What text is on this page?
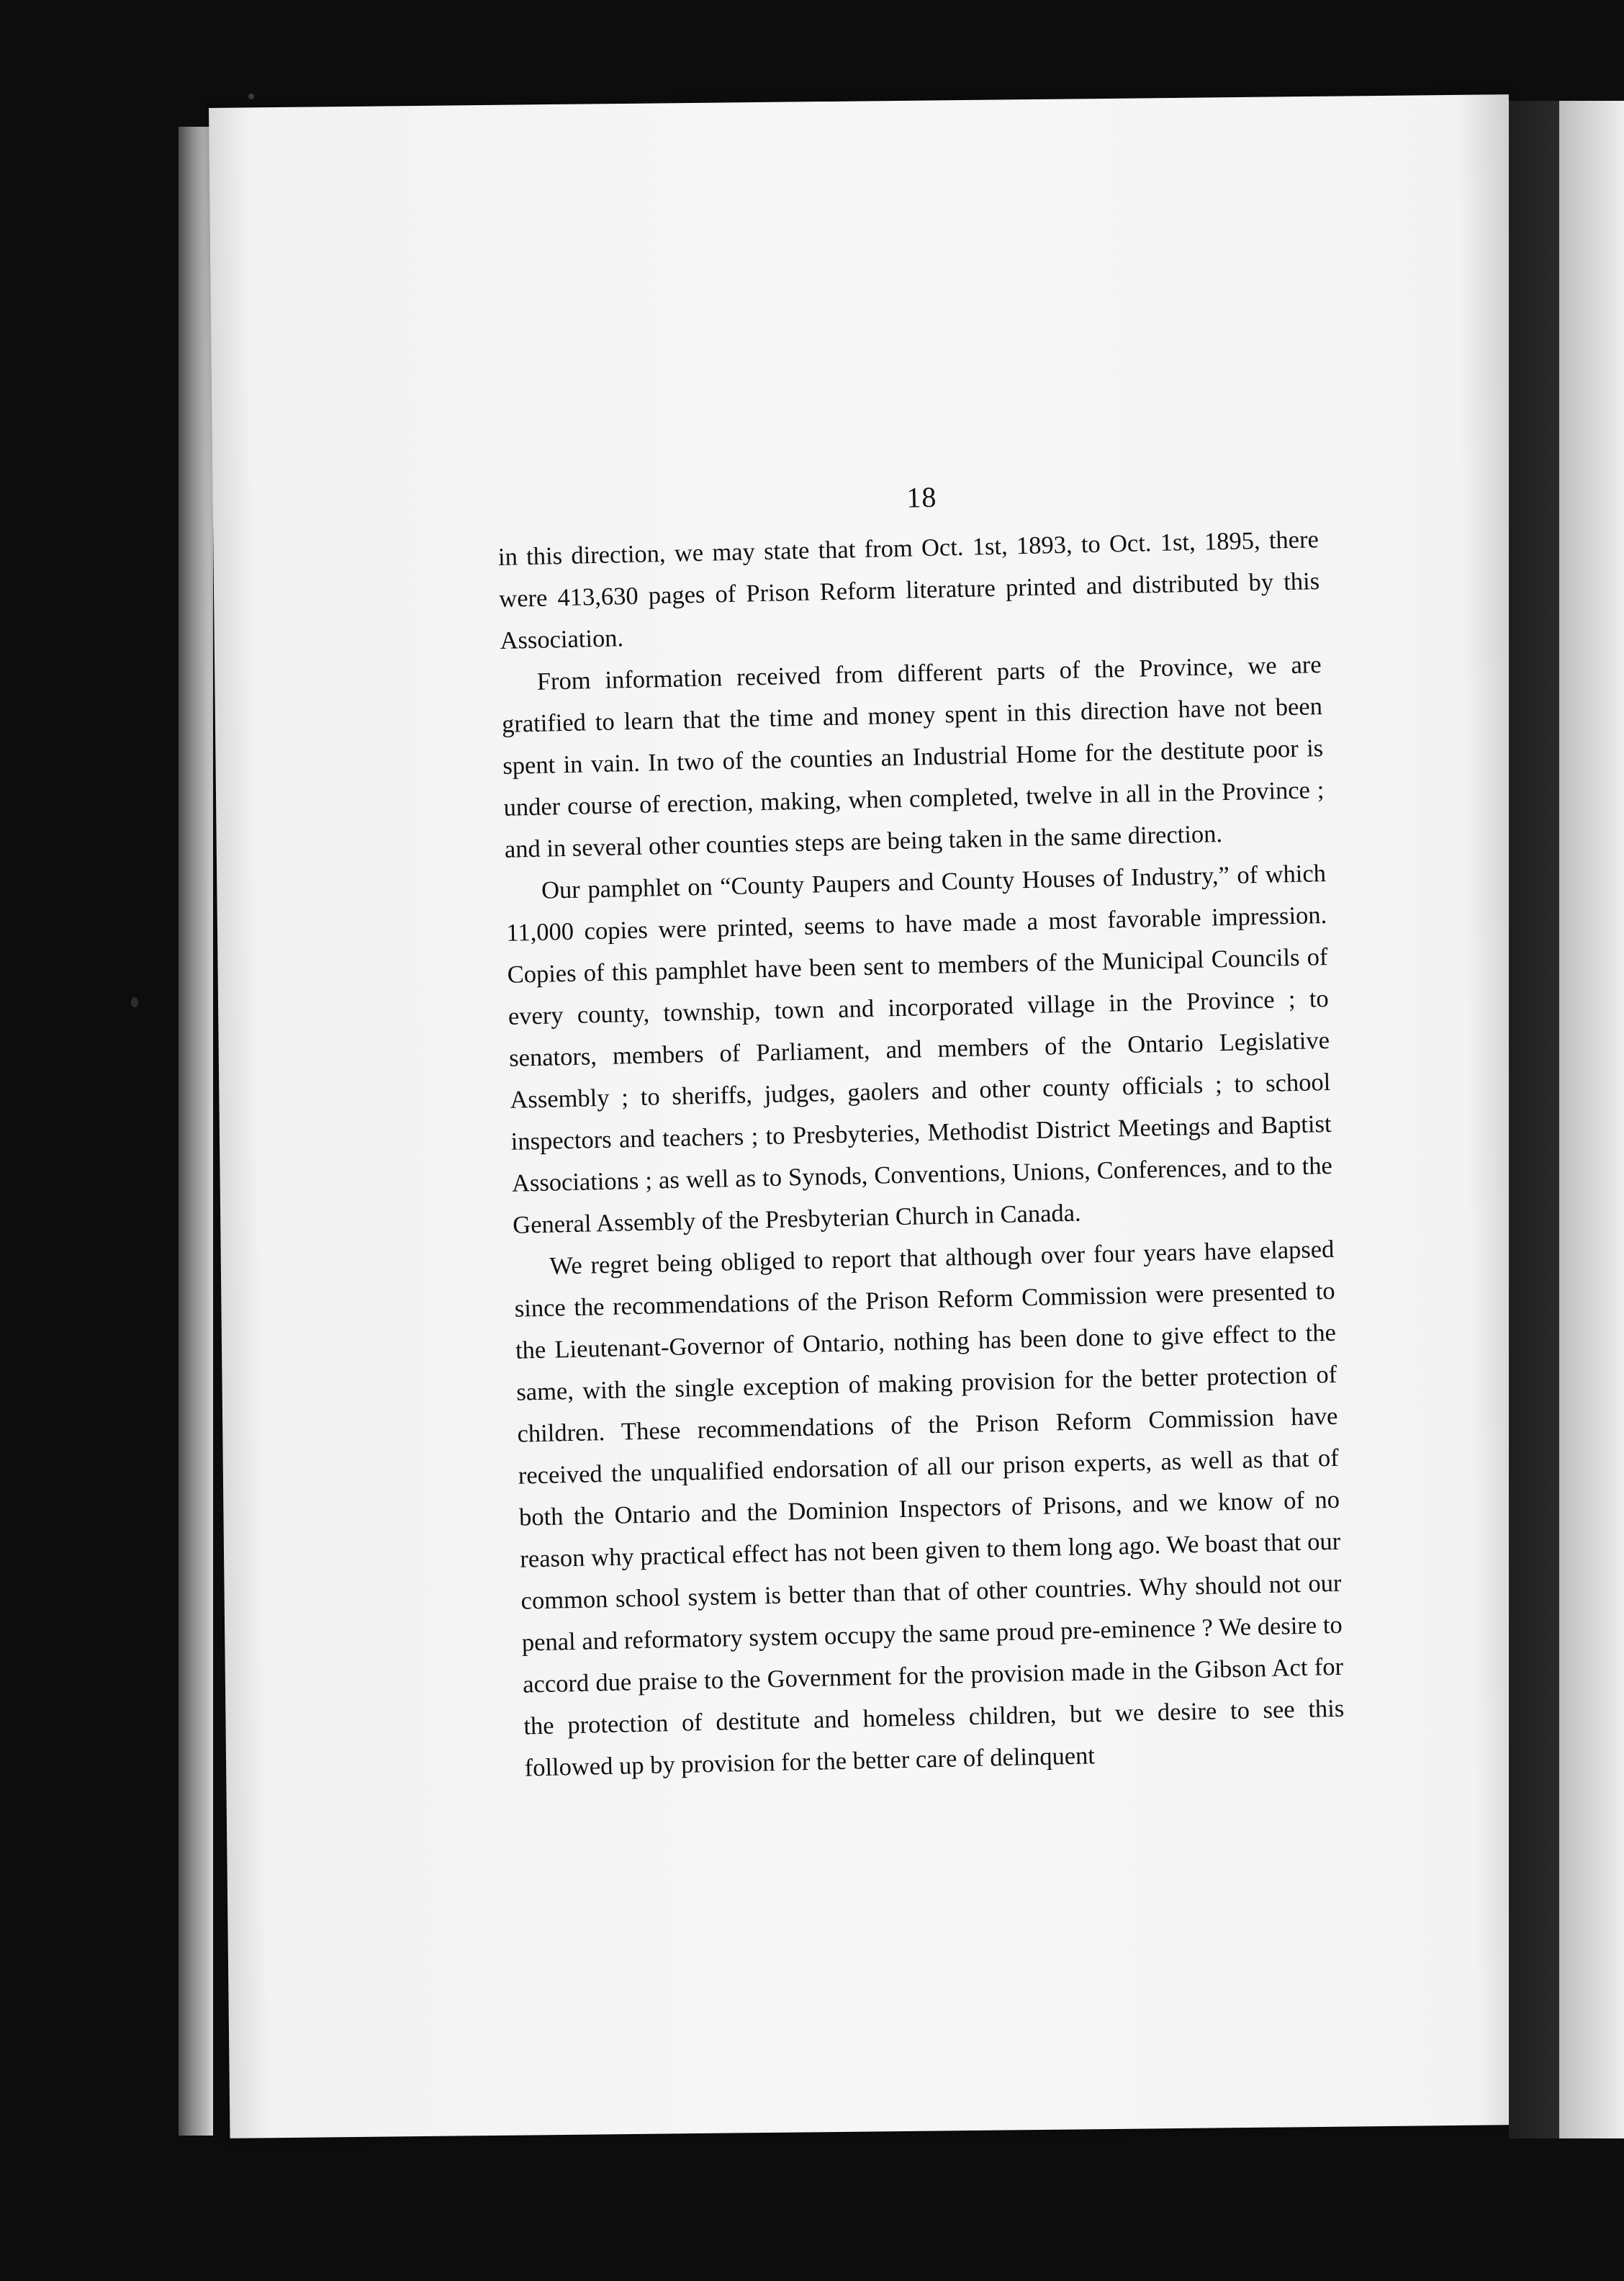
18

in this direction, we may state that from Oct. 1st, 1893, to Oct. 1st, 1895, there were 413,630 pages of Prison Reform literature printed and distributed by this Association.

From information received from different parts of the Province, we are gratified to learn that the time and money spent in this direction have not been spent in vain. In two of the counties an Industrial Home for the destitute poor is under course of erection, making, when completed, twelve in all in the Province ; and in several other counties steps are being taken in the same direction.

Our pamphlet on “County Paupers and County Houses of Industry,” of which 11,000 copies were printed, seems to have made a most favorable impression. Copies of this pamphlet have been sent to members of the Municipal Councils of every county, township, town and incorporated village in the Province ; to senators, members of Parliament, and members of the Ontario Legislative Assembly ; to sheriffs, judges, gaolers and other county officials ; to school inspectors and teachers ; to Presbyteries, Methodist District Meetings and Baptist Associations ; as well as to Synods, Conventions, Unions, Conferences, and to the General Assembly of the Presbyterian Church in Canada.

We regret being obliged to report that although over four years have elapsed since the recommendations of the Prison Reform Commission were presented to the Lieutenant-Governor of Ontario, nothing has been done to give effect to the same, with the single exception of making provision for the better protection of children. These recommendations of the Prison Reform Commission have received the unqualified endorsation of all our prison experts, as well as that of both the Ontario and the Dominion Inspectors of Prisons, and we know of no reason why practical effect has not been given to them long ago. We boast that our common school system is better than that of other countries. Why should not our penal and reformatory system occupy the same proud pre-eminence ? We desire to accord due praise to the Government for the provision made in the Gibson Act for the protection of destitute and homeless children, but we desire to see this followed up by provision for the better care of delinquent
